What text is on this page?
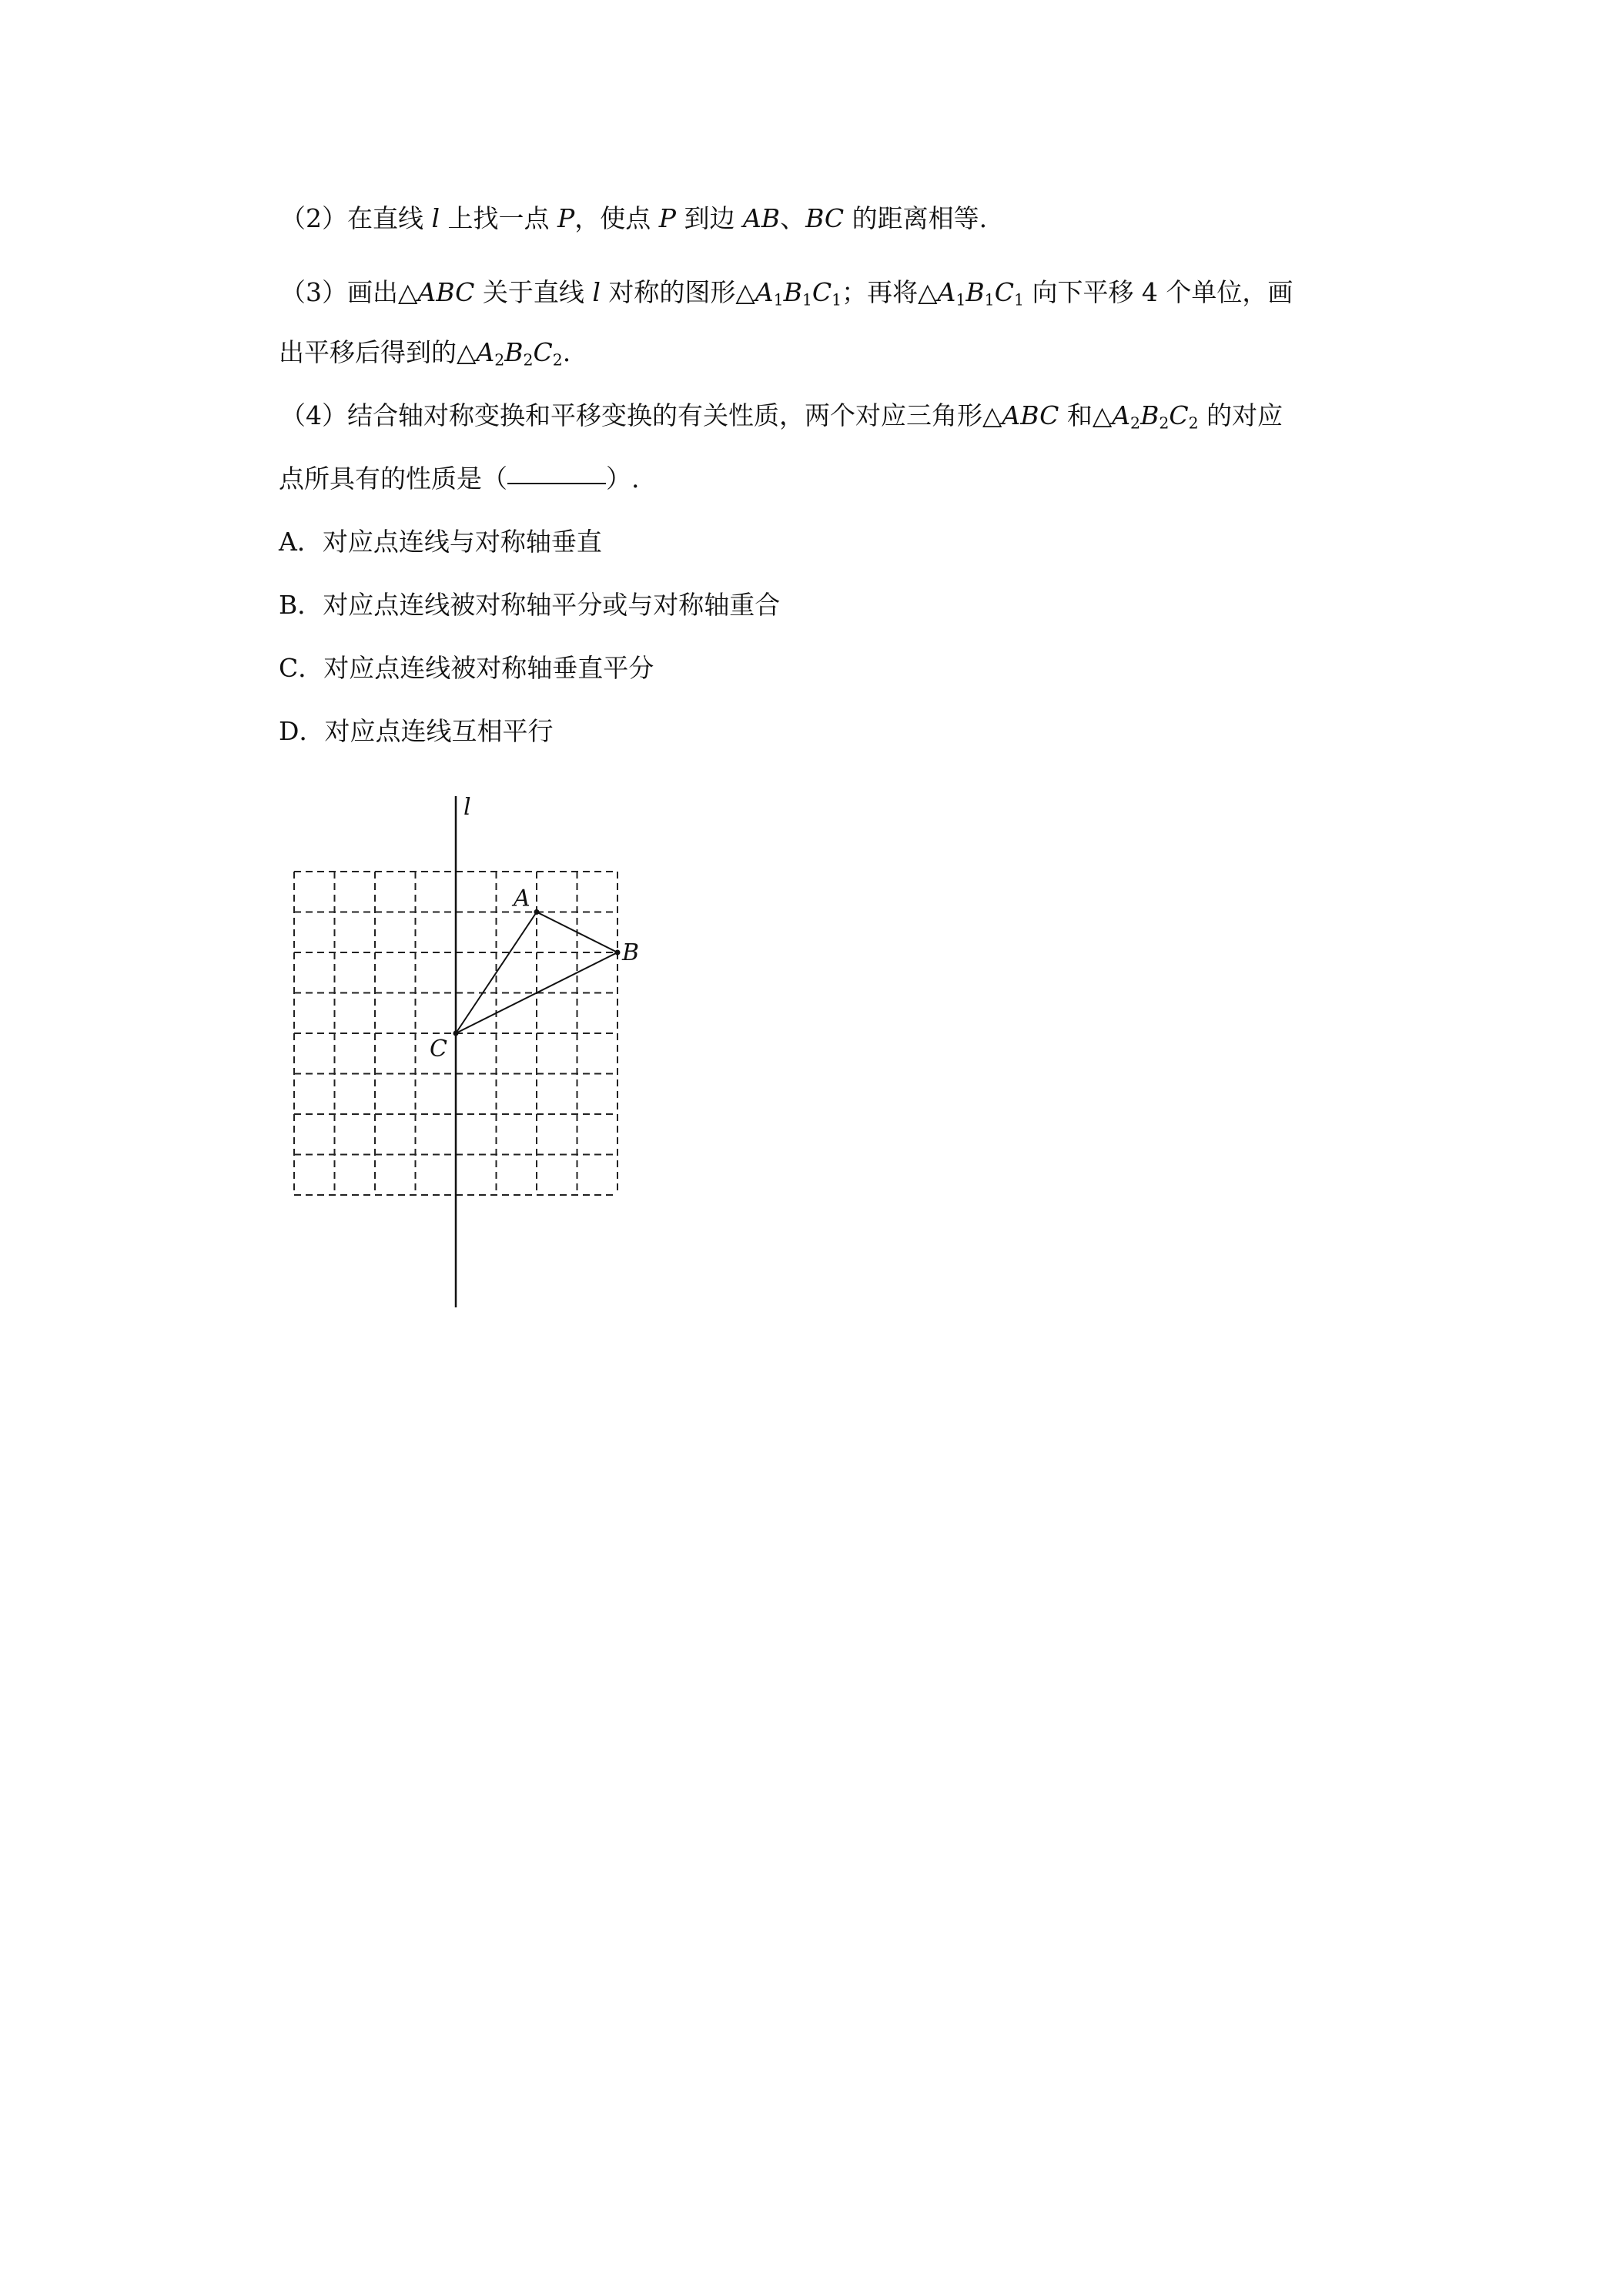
（2）在直线 l 上找一点 P，使点 P 到边 AB、BC 的距离相等.
（3）画出△ABC 关于直线 l 对称的图形$\triangle A_1B_1C_1$；再将$\triangle A_1B_1C_1$ 向下平移 4 个单位，画
出平移后得到的$\triangle A_2B_2C_2$.
（4）结合轴对称变换和平移变换的有关性质，两个对应三角形△ABC 和$\triangle A_2B_2C_2$ 的对应
点所具有的性质是（	）.
A．对应点连线与对称轴垂直
B．对应点连线被对称轴平分或与对称轴重合
C．对应点连线被对称轴垂直平分
D．对应点连线互相平行
l
A
B
C
